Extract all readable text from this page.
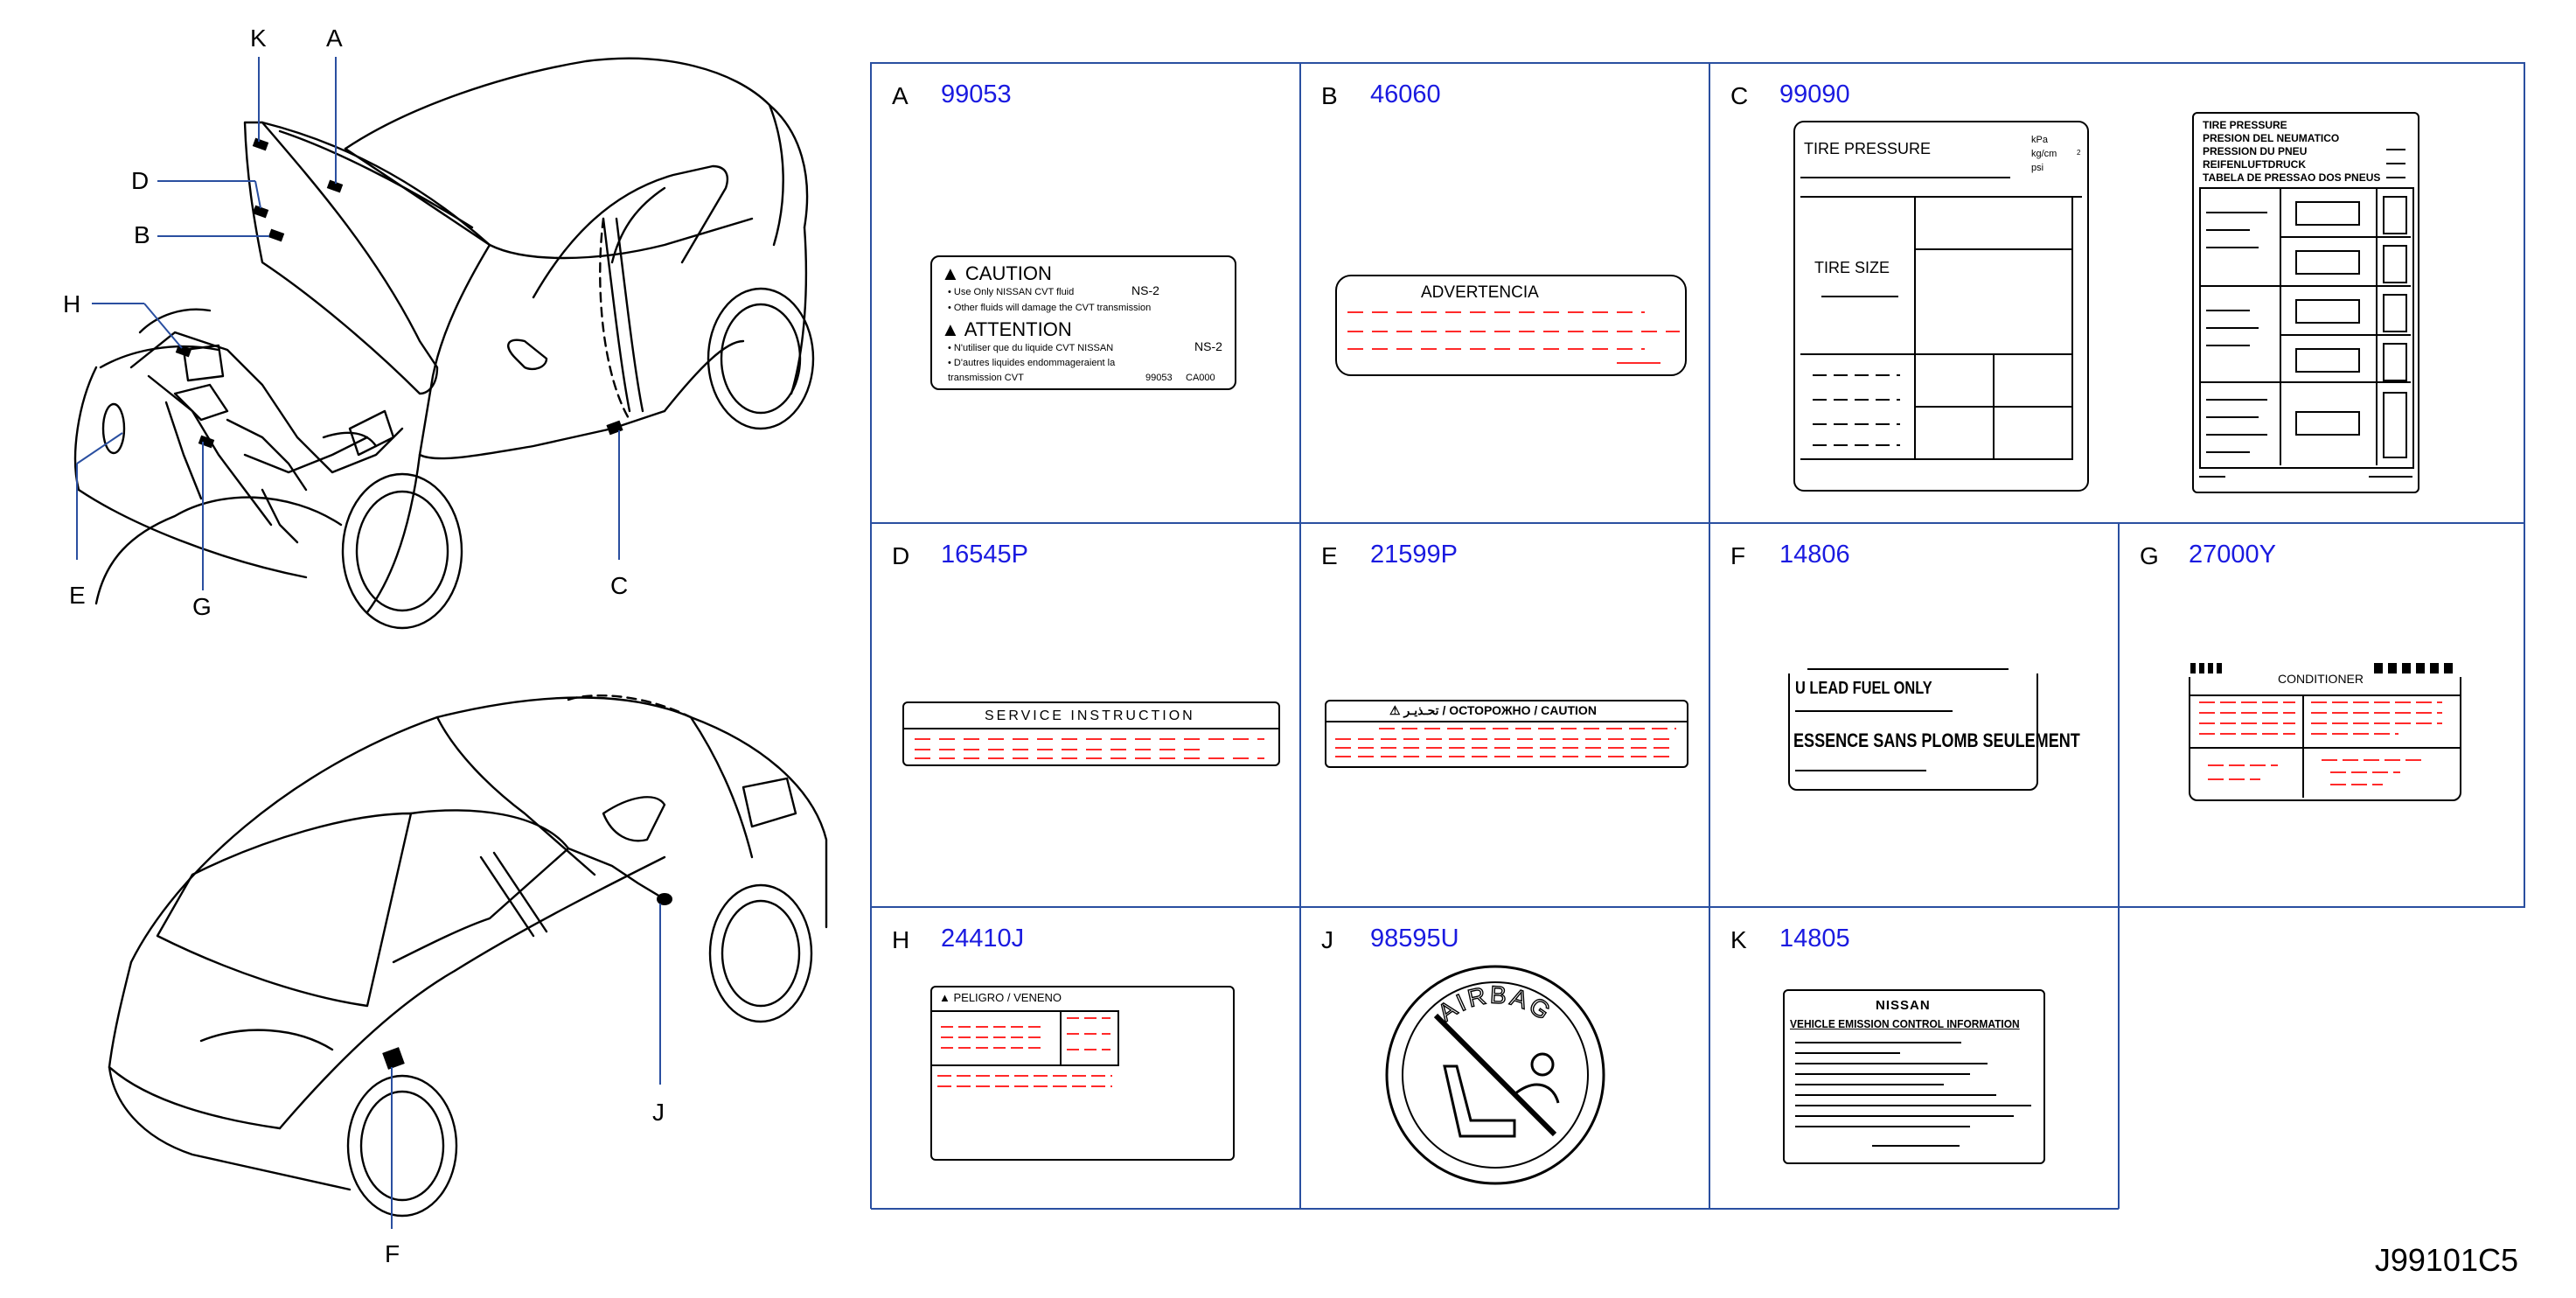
K A
D
B
H
E	G
C
J
F
A 99053
▲ CAUTION
• Use Only NISSAN CVT fluid	NS-2
• Other fluids will damage the CVT transmission
▲ ATTENTION
• N'utiliser que du liquide CVT NISSAN	NS-2
• D'autres liquides endommageraient la
transmission CVT	99053 CA000
B 46060
ADVERTENCIA
C 99090
TIRE PRESSURE	kPa
kg/cm	2
psi
TIRE SIZE
TIRE PRESSURE
PRESION DEL NEUMATICO
PRESSION DU PNEU
REIFENLUFTDRUCK
TABELA DE PRESSAO DOS PNEUS
D 16545P
SERVICE INSTRUCTION
E 21599P
⚠ تحـذيـر / ОСТОРОЖНО / CAUTION
F 14806
U LEAD FUEL ONLY
ESSENCE SANS PLOMB SEULEMENT
G 27000Y
CONDITIONER
H 24410J
▲ PELIGRO / VENENO
J 98595U
AIRBAG
K 14805
NISSAN
VEHICLE EMISSION CONTROL INFORMATION
J99101C5
